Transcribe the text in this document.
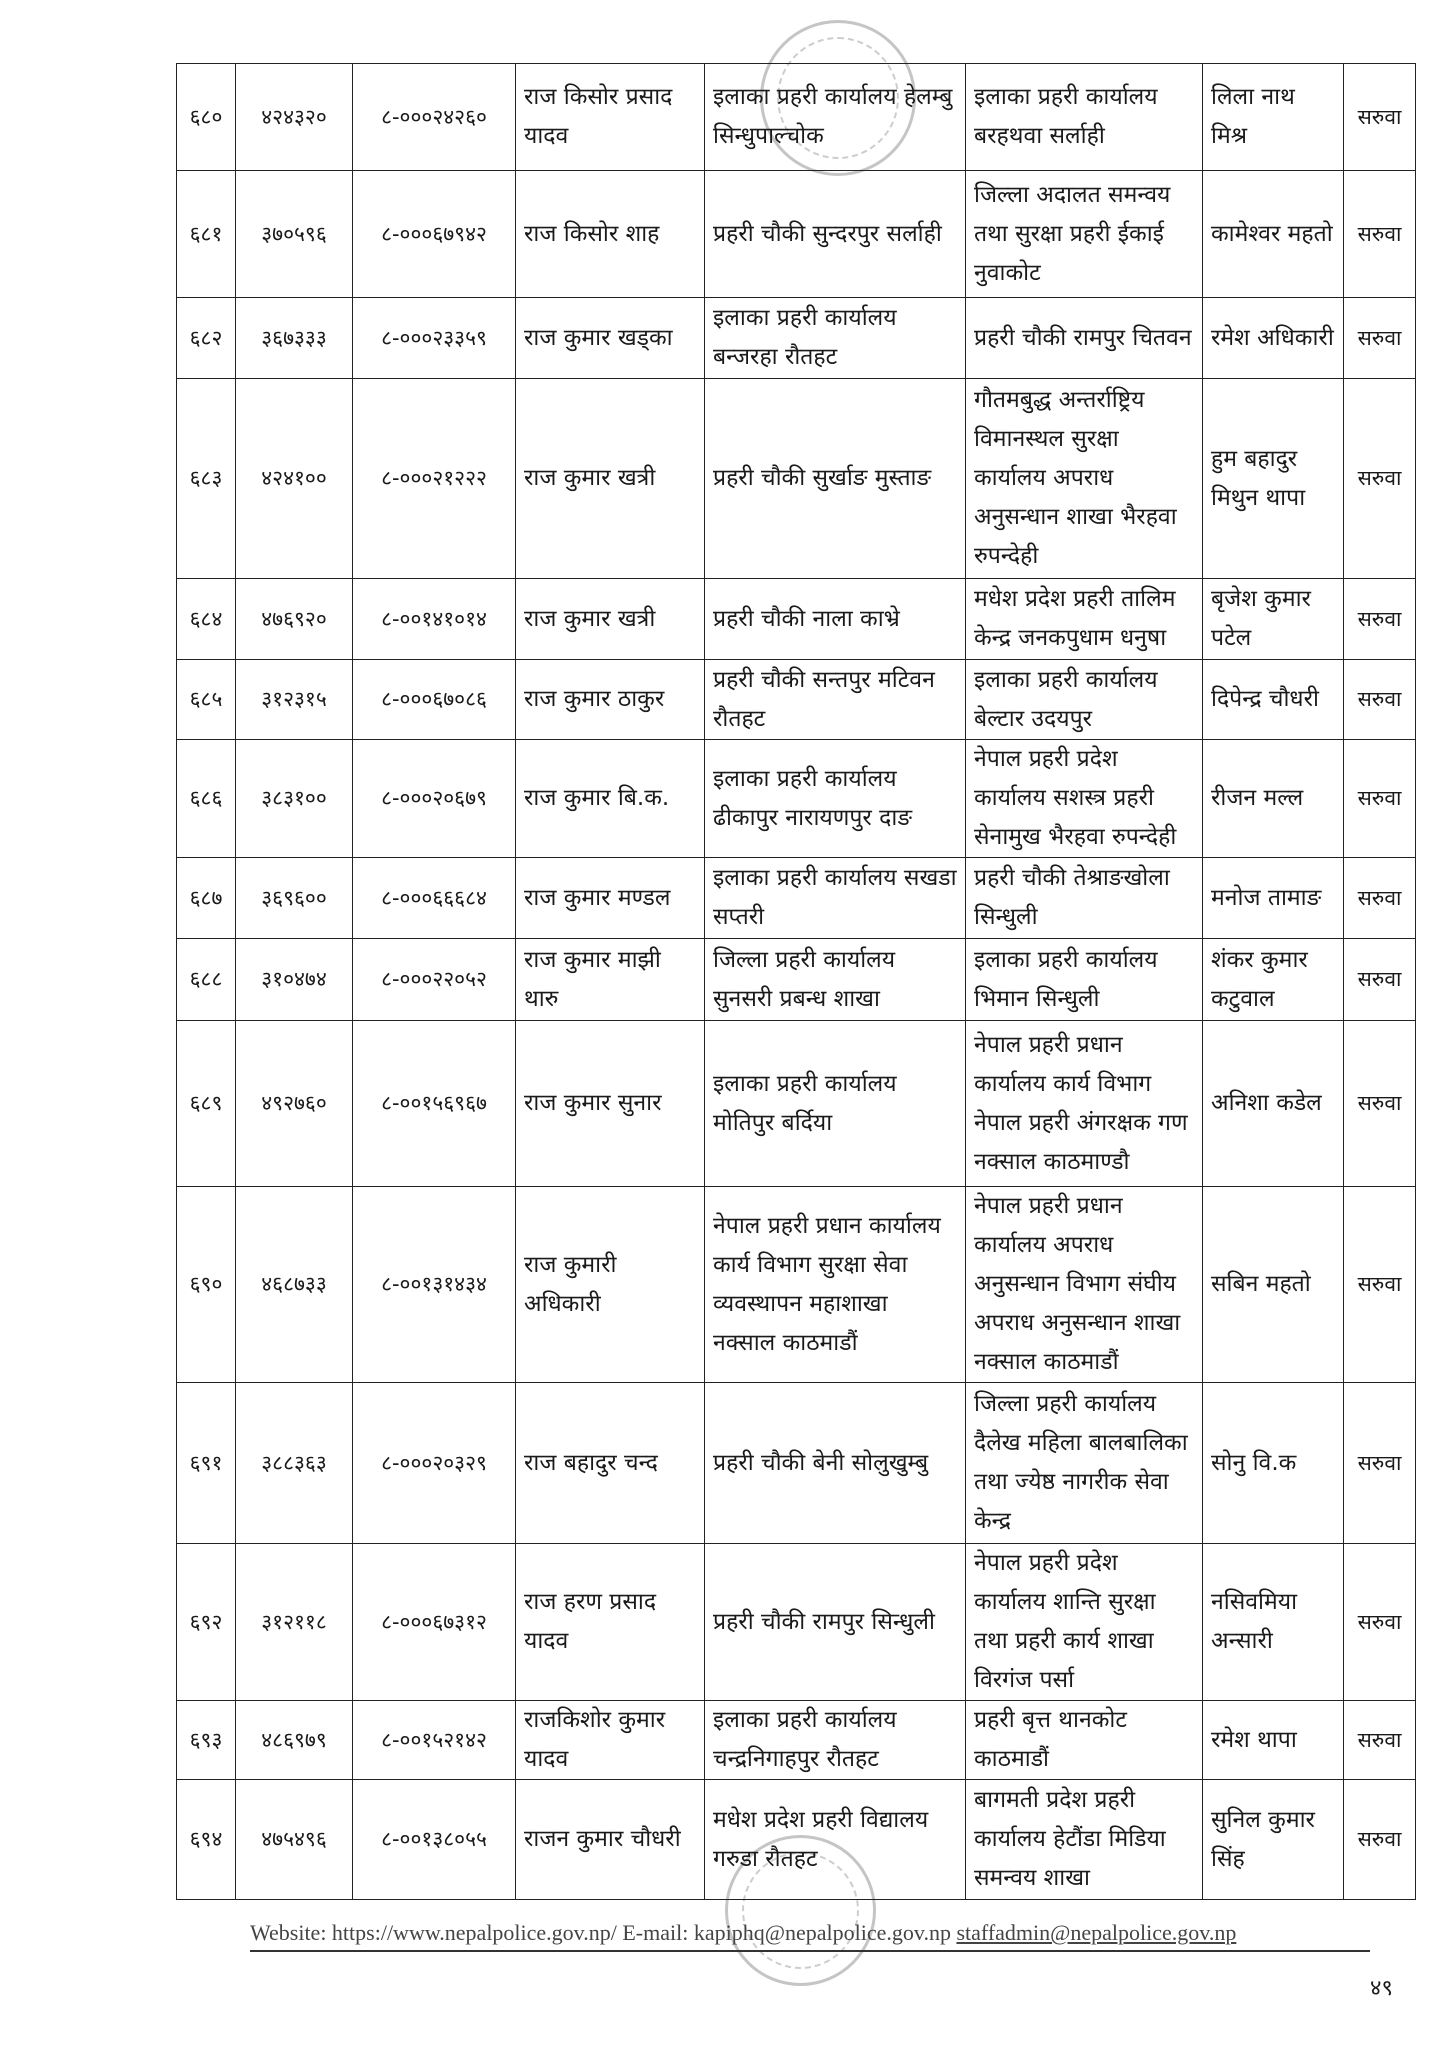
६८०	४२४३२०	८-०००२४२६०	राज किसोर प्रसाद यादव	इलाका प्रहरी कार्यालय हेलम्बु सिन्धुपाल्चोक	इलाका प्रहरी कार्यालय बरहथवा सर्लाही	लिला नाथ मिश्र	सरुवा
६८१	३७०५९६	८-०००६७९४२	राज किसोर शाह	प्रहरी चौकी सुन्दरपुर सर्लाही	जिल्ला अदालत समन्वय तथा सुरक्षा प्रहरी ईकाई नुवाकोट	कामेश्वर महतो	सरुवा
६८२	३६७३३३	८-०००२३३५९	राज कुमार खड्का	इलाका प्रहरी कार्यालय बन्जरहा रौतहट	प्रहरी चौकी रामपुर चितवन	रमेश अधिकारी	सरुवा
६८३	४२४१००	८-०००२१२२२	राज कुमार खत्री	प्रहरी चौकी सुर्खाङ मुस्ताङ	गौतमबुद्ध अन्तर्राष्ट्रिय विमानस्थल सुरक्षा कार्यालय अपराध अनुसन्धान शाखा भैरहवा रुपन्देही	हुम बहादुर मिथुन थापा	सरुवा
६८४	४७६९२०	८-००१४१०१४	राज कुमार खत्री	प्रहरी चौकी नाला काभ्रे	मधेश प्रदेश प्रहरी तालिम केन्द्र जनकपुधाम धनुषा	बृजेश कुमार पटेल	सरुवा
६८५	३१२३१५	८-०००६७०८६	राज कुमार ठाकुर	प्रहरी चौकी सन्तपुर मटिवन रौतहट	इलाका प्रहरी कार्यालय बेल्टार उदयपुर	दिपेन्द्र चौधरी	सरुवा
६८६	३८३१००	८-०००२०६७९	राज कुमार बि.क.	इलाका प्रहरी कार्यालय ढीकापुर नारायणपुर दाङ	नेपाल प्रहरी प्रदेश कार्यालय सशस्त्र प्रहरी सेनामुख भैरहवा रुपन्देही	रीजन मल्ल	सरुवा
६८७	३६९६००	८-०००६६६८४	राज कुमार मण्डल	इलाका प्रहरी कार्यालय सखडा सप्तरी	प्रहरी चौकी तेश्राङखोला सिन्धुली	मनोज तामाङ	सरुवा
६८८	३१०४७४	८-०००२२०५२	राज कुमार माझी थारु	जिल्ला प्रहरी कार्यालय सुनसरी प्रबन्ध शाखा	इलाका प्रहरी कार्यालय भिमान सिन्धुली	शंकर कुमार कटुवाल	सरुवा
६८९	४९२७६०	८-००१५६९६७	राज कुमार सुनार	इलाका प्रहरी कार्यालय मोतिपुर बर्दिया	नेपाल प्रहरी प्रधान कार्यालय कार्य विभाग नेपाल प्रहरी अंगरक्षक गण नक्साल काठमाण्डौ	अनिशा कडेल	सरुवा
६९०	४६८७३३	८-००१३१४३४	राज कुमारी अधिकारी	नेपाल प्रहरी प्रधान कार्यालय कार्य विभाग सुरक्षा सेवा व्यवस्थापन महाशाखा नक्साल काठमाडौं	नेपाल प्रहरी प्रधान कार्यालय अपराध अनुसन्धान विभाग संघीय अपराध अनुसन्धान शाखा नक्साल काठमाडौं	सबिन महतो	सरुवा
६९१	३८८३६३	८-०००२०३२९	राज बहादुर चन्द	प्रहरी चौकी बेनी सोलुखुम्बु	जिल्ला प्रहरी कार्यालय दैलेख महिला बालबालिका तथा ज्येष्ठ नागरीक सेवा केन्द्र	सोनु वि.क	सरुवा
६९२	३१२११८	८-०००६७३१२	राज हरण प्रसाद यादव	प्रहरी चौकी रामपुर सिन्धुली	नेपाल प्रहरी प्रदेश कार्यालय शान्ति सुरक्षा तथा प्रहरी कार्य शाखा विरगंज पर्सा	नसिवमिया अन्सारी	सरुवा
६९३	४८६९७९	८-००१५२१४२	राजकिशोर कुमार यादव	इलाका प्रहरी कार्यालय चन्द्रनिगाहपुर रौतहट	प्रहरी बृत्त थानकोट काठमाडौं	रमेश थापा	सरुवा
६९४	४७५४९६	८-००१३८०५५	राजन कुमार चौधरी	मधेश प्रदेश प्रहरी विद्यालय गरुडा रौतहट	बागमती प्रदेश प्रहरी कार्यालय हेटौंडा मिडिया समन्वय शाखा	सुनिल कुमार सिंह	सरुवा
Website: https://www.nepalpolice.gov.np/ E-mail: kapiphq@nepalpolice.gov.np staffadmin@nepalpolice.gov.np
४९
